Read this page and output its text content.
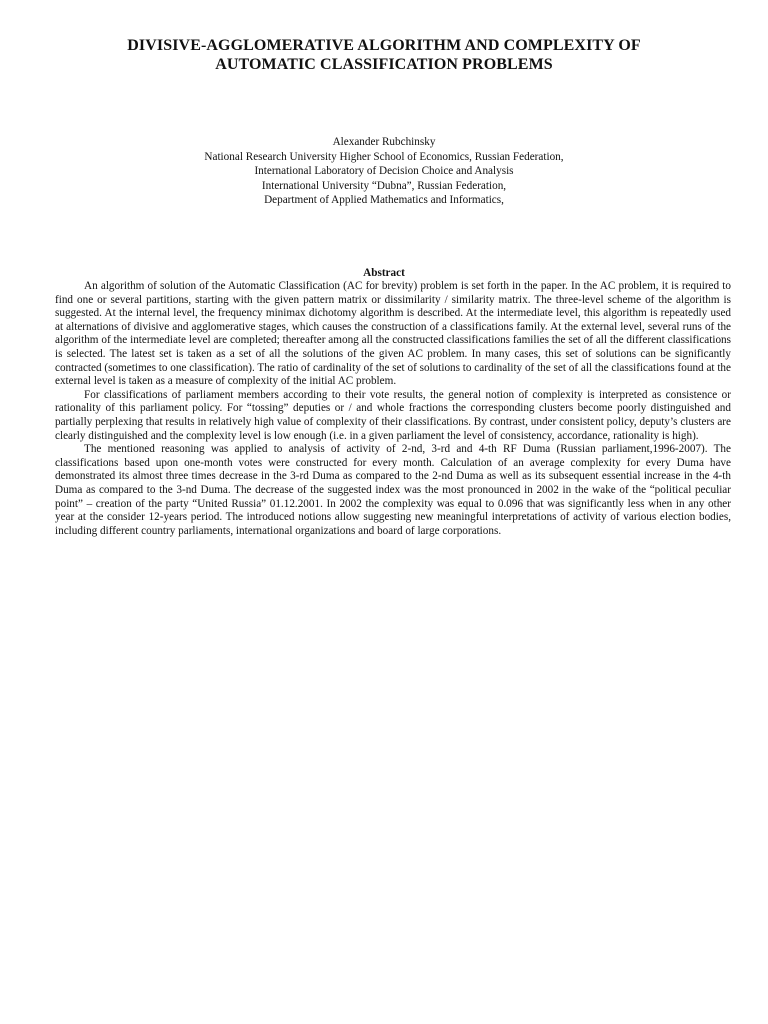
DIVISIVE-AGGLOMERATIVE ALGORITHM AND COMPLEXITY OF
AUTOMATIC CLASSIFICATION PROBLEMS
Alexander Rubchinsky
National Research University Higher School of Economics, Russian Federation,
International Laboratory of Decision Choice and Analysis
International University “Dubna”, Russian Federation,
Department of Applied Mathematics and Informatics,
Abstract

An algorithm of solution of the Automatic Classification (AC for brevity) problem is set forth in the paper. In the AC problem, it is required to find one or several partitions, starting with the given pattern matrix or dissimilarity / similarity matrix. The three-level scheme of the algorithm is suggested. At the internal level, the frequency minimax dichotomy algorithm is described. At the intermediate level, this algorithm is repeatedly used at alternations of divisive and agglomerative stages, which causes the construction of a classifications family. At the external level, several runs of the algorithm of the intermediate level are completed; thereafter among all the constructed classifications families the set of all the different classifications is selected. The latest set is taken as a set of all the solutions of the given AC problem. In many cases, this set of solutions can be significantly contracted (sometimes to one classification). The ratio of cardinality of the set of solutions to cardinality of the set of all the classifications found at the external level is taken as a measure of complexity of the initial AC problem.

For classifications of parliament members according to their vote results, the general notion of complexity is interpreted as consistence or rationality of this parliament policy. For “tossing” deputies or / and whole fractions the corresponding clusters become poorly distinguished and partially perplexing that results in relatively high value of complexity of their classifications. By contrast, under consistent policy, deputy’s clusters are clearly distinguished and the complexity level is low enough (i.e. in a given parliament the level of consistency, accordance, rationality is high).

The mentioned reasoning was applied to analysis of activity of 2-nd, 3-rd and 4-th RF Duma (Russian parliament,1996-2007). The classifications based upon one-month votes were constructed for every month. Calculation of an average complexity for every Duma have demonstrated its almost three times decrease in the 3-rd Duma as compared to the 2-nd Duma as well as its subsequent essential increase in the 4-th Duma as compared to the 3-nd Duma. The decrease of the suggested index was the most pronounced in 2002 in the wake of the “political peculiar point” – creation of the party “United Russia” 01.12.2001. In 2002 the complexity was equal to 0.096 that was significantly less when in any other year at the consider 12-years period. The introduced notions allow suggesting new meaningful interpretations of activity of various election bodies, including different country parliaments, international organizations and board of large corporations.
